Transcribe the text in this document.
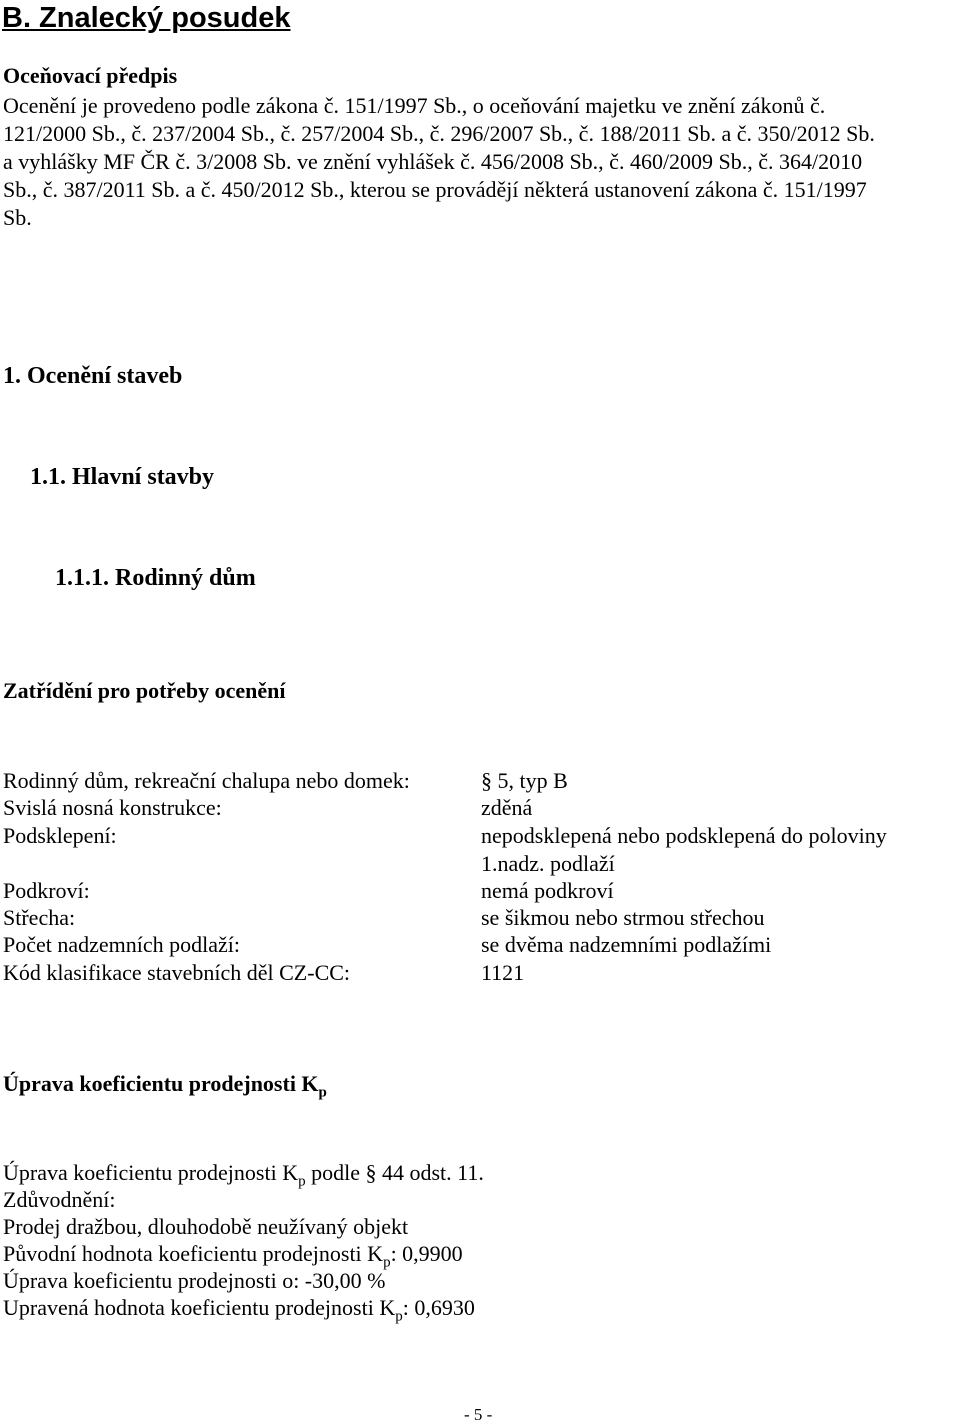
B. Znalecký posudek
Oceňovací předpis
Ocenění je provedeno podle zákona č. 151/1997 Sb., o oceňování majetku ve znění zákonů č.
121/2000 Sb., č. 237/2004 Sb., č. 257/2004 Sb., č. 296/2007 Sb., č. 188/2011 Sb. a č. 350/2012 Sb.
a vyhlášky MF ČR č. 3/2008 Sb. ve znění vyhlášek č. 456/2008 Sb., č. 460/2009 Sb., č. 364/2010
Sb., č. 387/2011 Sb. a č. 450/2012 Sb., kterou se provádějí některá ustanovení zákona č. 151/1997
Sb.
1. Ocenění staveb
1.1. Hlavní stavby
1.1.1. Rodinný dům
Zatřídění pro potřeby ocenění
Rodinný dům, rekreační chalupa nebo domek:	§ 5, typ B
Svislá nosná konstrukce:	zděná
Podsklepení:	nepodsklepená nebo podsklepená do poloviny
1.nadz. podlaží
Podkroví:	nemá podkroví
Střecha:	se šikmou nebo strmou střechou
Počet nadzemních podlaží:	se dvěma nadzemními podlažími
Kód klasifikace stavebních děl CZ-CC:	1121
Úprava koeficientu prodejnosti $K_p$
Úprava koeficientu prodejnosti $K_p$ podle § 44 odst. 11.
Zdůvodnění:
Prodej dražbou, dlouhodobě neužívaný objekt
Původní hodnota koeficientu prodejnosti $K_p$: 0,9900
Úprava koeficientu prodejnosti o: -30,00 %
Upravená hodnota koeficientu prodejnosti $K_p$: 0,6930
- 5 -
